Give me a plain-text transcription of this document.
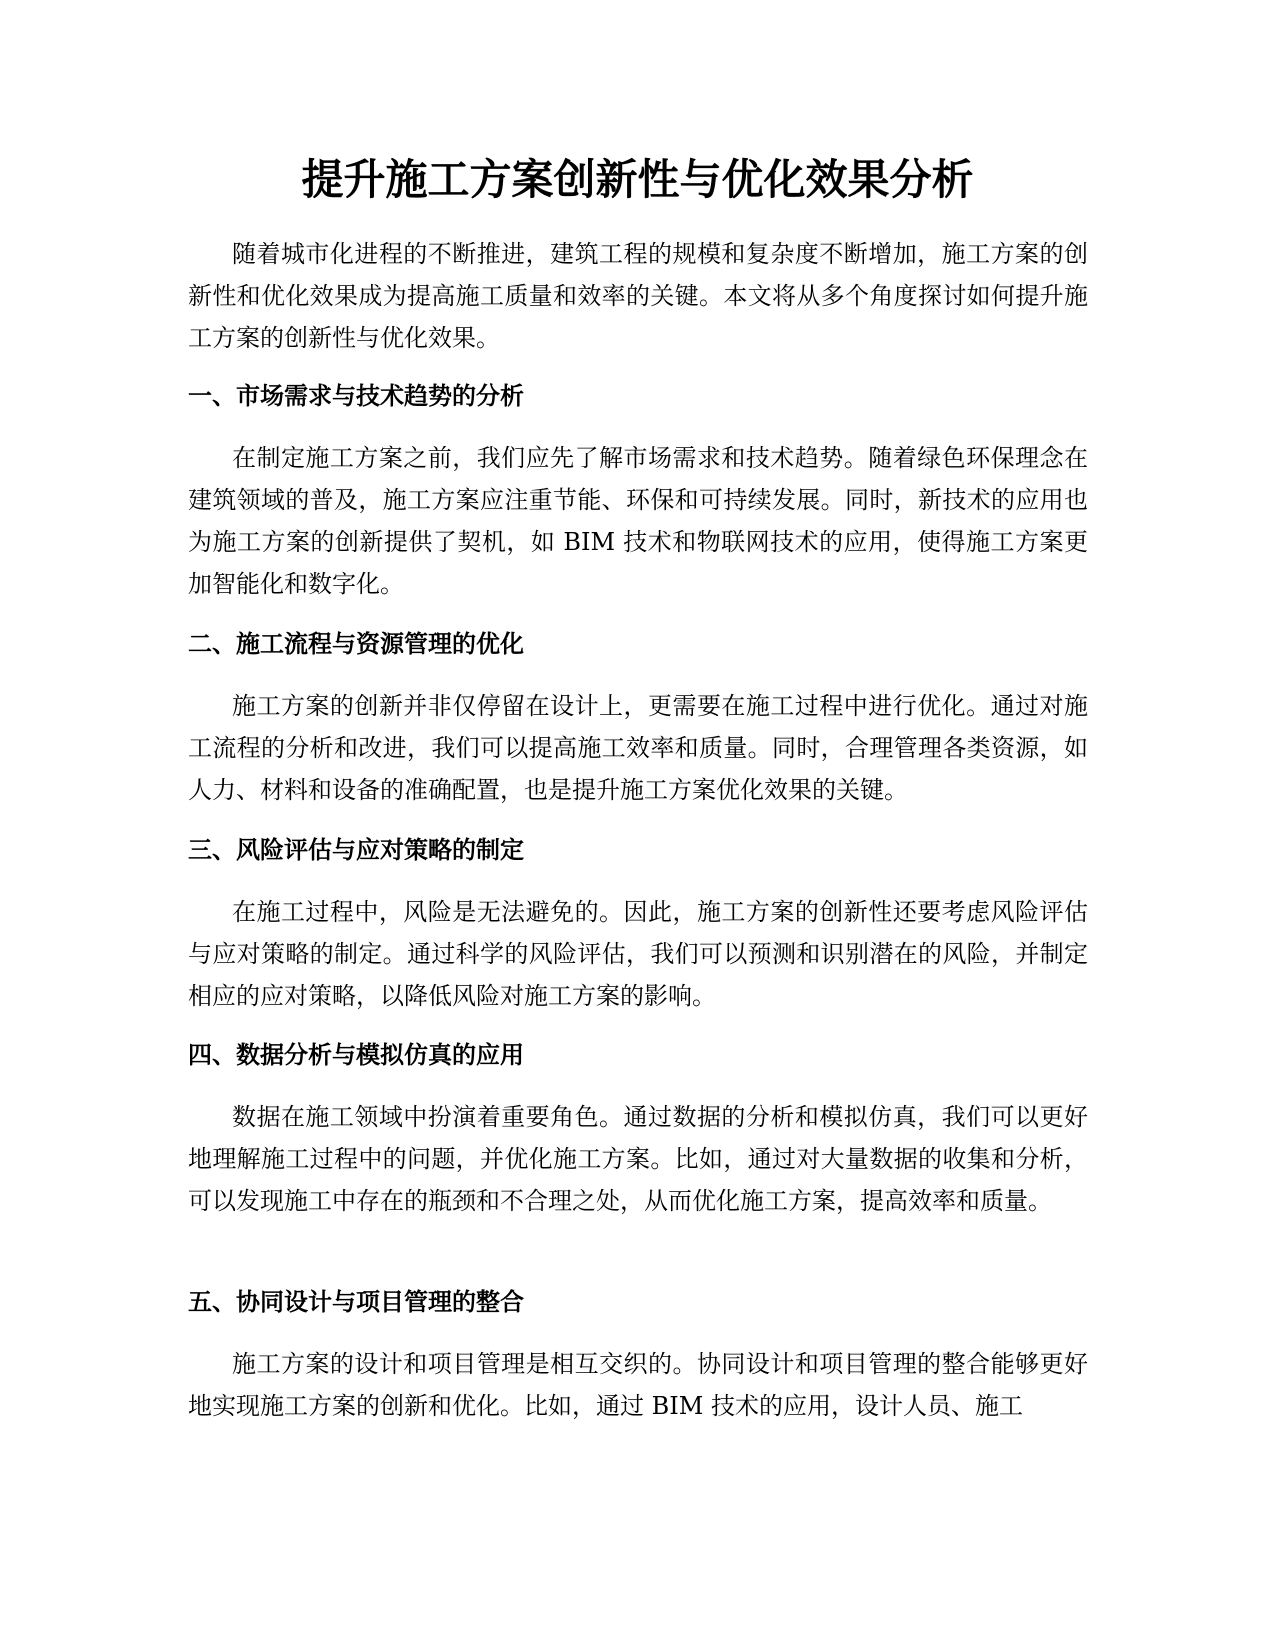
提升施工方案创新性与优化效果分析

随着城市化进程的不断推进，建筑工程的规模和复杂度不断增加，施工方案的创新性和优化效果成为提高施工质量和效率的关键。本文将从多个角度探讨如何提升施工方案的创新性与优化效果。

一、市场需求与技术趋势的分析

在制定施工方案之前，我们应先了解市场需求和技术趋势。随着绿色环保理念在建筑领域的普及，施工方案应注重节能、环保和可持续发展。同时，新技术的应用也为施工方案的创新提供了契机，如 BIM 技术和物联网技术的应用，使得施工方案更加智能化和数字化。

二、施工流程与资源管理的优化

施工方案的创新并非仅停留在设计上，更需要在施工过程中进行优化。通过对施工流程的分析和改进，我们可以提高施工效率和质量。同时，合理管理各类资源，如人力、材料和设备的准确配置，也是提升施工方案优化效果的关键。

三、风险评估与应对策略的制定

在施工过程中，风险是无法避免的。因此，施工方案的创新性还要考虑风险评估与应对策略的制定。通过科学的风险评估，我们可以预测和识别潜在的风险，并制定相应的应对策略，以降低风险对施工方案的影响。

四、数据分析与模拟仿真的应用

数据在施工领域中扮演着重要角色。通过数据的分析和模拟仿真，我们可以更好地理解施工过程中的问题，并优化施工方案。比如，通过对大量数据的收集和分析，可以发现施工中存在的瓶颈和不合理之处，从而优化施工方案，提高效率和质量。

五、协同设计与项目管理的整合

施工方案的设计和项目管理是相互交织的。协同设计和项目管理的整合能够更好地实现施工方案的创新和优化。比如，通过 BIM 技术的应用，设计人员、施工
